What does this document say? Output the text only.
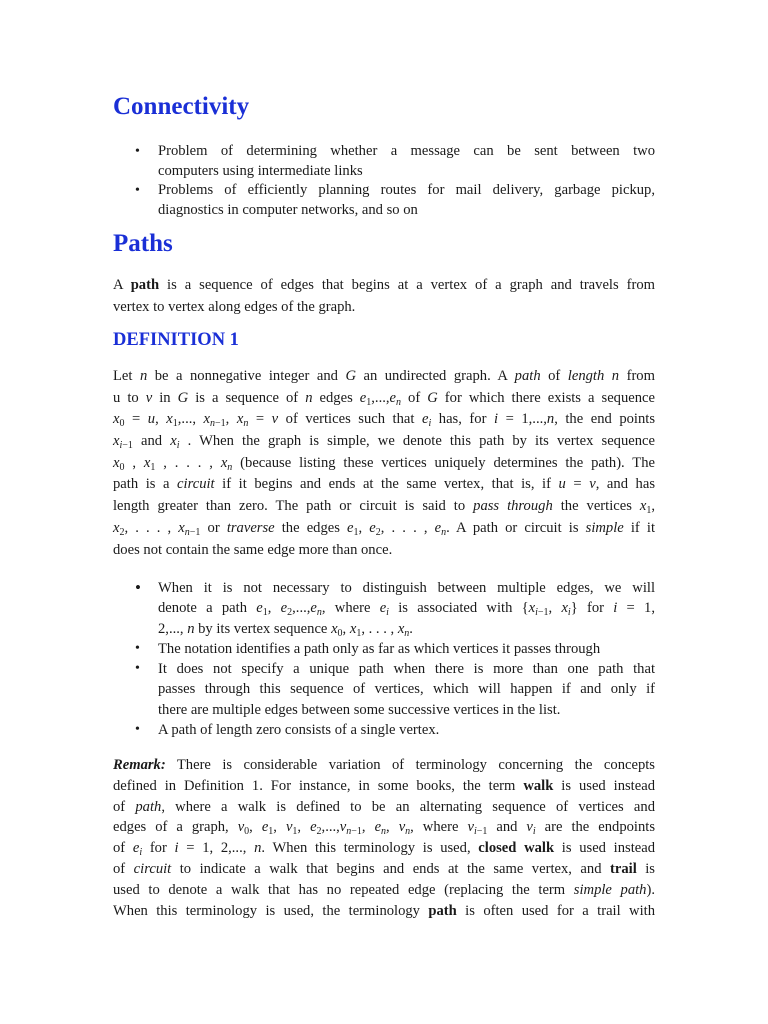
Connectivity
• Problem of determining whether a message can be sent between two
computers using intermediate links
• Problems of efficiently planning routes for mail delivery, garbage pickup,
diagnostics in computer networks, and so on
Paths
A path is a sequence of edges that begins at a vertex of a graph and travels from
vertex to vertex along edges of the graph.
DEFINITION 1
Let n be a nonnegative integer and G an undirected graph. A path of length n from
u to v in G is a sequence of n edges $e_1,...,e_n$ of G for which there exists a sequence
$x_0 = u$, $x_1$,..., $x_{n-1}$, $x_n = v$ of vertices such that $e_i$ has, for i = 1,...,n, the end points
$x_{i-1}$ and $x_i$ . When the graph is simple, we denote this path by its vertex sequence
$x_0$ , $x_1$ , . . . , $x_n$ (because listing these vertices uniquely determines the path). The
path is a circuit if it begins and ends at the same vertex, that is, if u = v, and has
length greater than zero. The path or circuit is said to pass through the vertices $x_1$,
$x_2$, . . . , $x_{n-1}$ or traverse the edges $e_1$, $e_2$, . . . , $e_n$. A path or circuit is simple if it
does not contain the same edge more than once.
• When it is not necessary to distinguish between multiple edges, we will
denote a path $e_1$, $e_2,...,e_n$, where $e_i$ is associated with {$x_{i-1}$, $x_i$} for i = 1,
2,..., n by its vertex sequence $x_0$, $x_1$, . . . , $x_n$.
• The notation identifies a path only as far as which vertices it passes through
• It does not specify a unique path when there is more than one path that
passes through this sequence of vertices, which will happen if and only if
there are multiple edges between some successive vertices in the list.
• A path of length zero consists of a single vertex.
Remark: There is considerable variation of terminology concerning the concepts
defined in Definition 1. For instance, in some books, the term walk is used instead
of path, where a walk is defined to be an alternating sequence of vertices and
edges of a graph, $v_0$, $e_1$, $v_1$, $e_2,...,v_{n-1}$, $e_n$, $v_n$, where $v_{i-1}$ and $v_i$ are the endpoints
of $e_i$ for i = 1, 2,..., n. When this terminology is used, closed walk is used instead
of circuit to indicate a walk that begins and ends at the same vertex, and trail is
used to denote a walk that has no repeated edge (replacing the term simple path).
When this terminology is used, the terminology path is often used for a trail with
